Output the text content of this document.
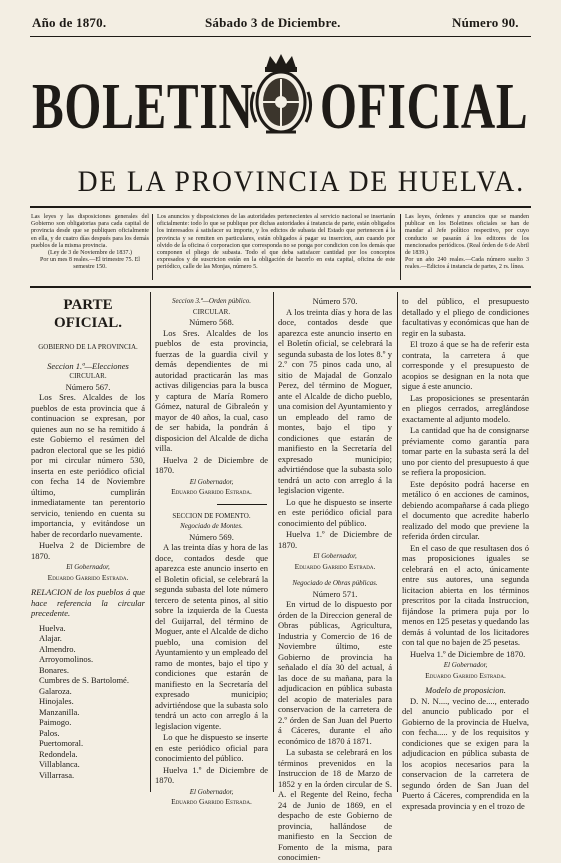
Año de 1870.	Sábado 3 de Diciembre.	Número 90.
BOLETIN OFICIAL
DE LA PROVINCIA DE HUELVA.
Las leyes y las disposiciones generales del Gobierno son obligatorias para cada capital de provincia desde que se publiquen oficialmente en ella, y de cuatro días después para los demás pueblos de la misma provincia.
(Ley de 3 de Noviembre de 1837.)
Por un mes 8 reales.—El trimestre 75. El semestre 150.
Los anuncios y disposiciones de las autoridades pertenecientes al servicio nacional se insertarán oficialmente: todo lo que se publique por dichas autoridades á instancia de parte, están obligados los interesados á satisfacer su importe, y los edictos de subasta del Estado que pertenecen á la provincia y se remiten en particulares, están obligados á pagar su insercion, aun cuando por olvido de la oficina ó corporacion que corresponda no se ponga por condicion con los demás que componen el pliego de subasta. Todo el que deba satisfacer cantidad por los conceptos expresados y de suscricion están en la obligación de hacerlo en esta capital, oficina de este periódico, calle de las Monjas, número 5.
Las leyes, órdenes y anuncios que se manden publicar en los Boletines oficiales se han de mandar al Jefe político respectivo, por cuyo conducto se pasarán á los editores de los mencionados periódicos. (Real órden de 6 de Abril de 1839.)
Por un año 240 reales.—Cada número suelto 3 reales.—Edictos á instancia de partes, 2 rs. línea.
PARTE OFICIAL.
GOBIERNO DE LA PROVINCIA.
Seccion 1.ª—Elecciones
CIRCULAR.
Número 567.

Los Sres. Alcaldes de los pueblos de esta provincia que á continuacion se expresan, por quienes aun no se ha remitido á este Gobierno el resúmen del padron electoral que se les pidió por mi circular número 530, inserta en este periódico oficial con fecha 14 de Noviembre último, cumplirán inmediatamente tan perentorio servicio, teniendo en cuenta su importancia, y evitándose un haber de recordarlo nuevamente.

Huelva 2 de Diciembre de 1870.

El Gobernador,
Eduardo Garrido Estrada.
RELACION de los pueblos á que hace referencia la circular precedente.
Huelva.
Alajar.
Almendro.
Arroyomolinos.
Bonares.
Cumbres de S. Bartolomé.
Galaroza.
Hinojales.
Manzanilla.
Paimogo.
Palos.
Puertomoral.
Redondela.
Villablanca.
Villarrasa.
Seccion 3.ª—Orden público.
CIRCULAR.
Número 568.

Los Sres. Alcaldes de los pueblos de esta provincia, fuerzas de la guardia civil y demás dependientes de mi autoridad practicarán las mas activas diligencias para la busca y captura de María Romero Gómez, natural de Gibraleón y mayor de 40 años, la cual, caso de ser habida, la pondrán á disposicion del Alcalde de dicha villa.

Huelva 2 de Diciembre de 1870.

El Gobernador,
Eduardo Garrido Estrada.
SECCION DE FOMENTO.
Negociado de Montes.
Número 569.

A las treinta días y hora de las doce, contados desde que aparezca este anuncio inserto en el Boletin oficial, se celebrará la segunda subasta del lote número tercero de setenta pinos, al sitio sobre la izquierda de la Cuesta del Guijarral, del término de Moguer, ante el Alcalde de dicho pueblo, una comision del Ayuntamiento y un empleado del ramo de montes, bajo el tipo y condiciones que estarán de manifiesto en la Secretaría del expresado municipio; advirtiéndose que la subasta solo tendrá un acto con arreglo á la legislacion vigente.

Lo que he dispuesto se inserte en este periódico oficial para conocimiento del público.

Huelva 1.º de Diciembre de 1870.

El Gobernador,
Eduardo Garrido Estrada.
Número 570.

A los treinta días y hora de las doce, contados desde que aparezca este anuncio inserto en el Boletín oficial, se celebrará la segunda subasta de los lotes 8.º y 2.º con 75 pinos cada uno, al sitio de Majadal de Gonzalo Perez, del término de Moguer, ante el Alcalde de dicho pueblo, una comision del Ayuntamiento y un empleado del ramo de montes, bajo el tipo y condiciones que estarán de manifiesto en la Secretaría del expresado municipio; advirtiéndose que la subasta solo tendrá un acto con arreglo á la legislacion vigente.

Lo que he dispuesto se inserte en este periódico oficial para conocimiento del público.

Huelva 1.º de Diciembre de 1870.

El Gobernador,
Eduardo Garrido Estrada.
Negociado de Obras públicas.
Número 571.

En virtud de lo dispuesto por órden de la Direccion general de Obras públicas, Agricultura, Industria y Comercio de 16 de Noviembre último, este Gobierno de provincia ha señalado el día 30 del actual, á las doce de su mañana, para la adjudicacion en pública subasta del acopio de materiales para conservacion de la carretera de 2.º órden de San Juan del Puerto á Cáceres, durante el año económico de 1870 á 1871.

La subasta se celebrará en los términos prevenidos en la Instruccion de 18 de Marzo de 1852 y en la órden circular de S. A. el Regente del Reino, fecha 24 de Junio de 1869, en el despacho de este Gobierno de provincia, hallándose de manifiesto en la Seccion de Fomento de la misma, para conocimien-

to del público, el presupuesto detallado y el pliego de condiciones facultativas y económicas que han de regir en la subasta.

El trozo á que se ha de referir esta contrata, la carretera á que corresponde y el presupuesto de acopios se designan en la nota que sigue á este anuncio.

Las proposiciones se presentarán en pliegos cerrados, arreglándose exactamente al adjunto modelo.

La cantidad que ha de consignarse préviamente como garantía para tomar parte en la subasta será la del uno por ciento del presupuesto á que se refiera la proposicion.

Este depósito podrá hacerse en metálico ó en acciones de caminos, debiendo acompañarse á cada pliego el documento que acredite haberlo realizado del modo que previene la referida órden circular.

En el caso de que resultasen dos ó mas proposiciones iguales se celebrará en el acto, únicamente entre sus autores, una segunda licitacion abierta en los términos prescritos por la citada Instruccion, fijándose la primera puja por lo menos en 125 pesetas y quedando las demás á voluntad de los licitadores con tal que no bajen de 25 pesetas.

Huelva 1.º de Diciembre de 1870.

El Gobernador,
Eduardo Garrido Estrada.
Modelo de proposicion.

D. N. N...., vecino de...., enterado del anuncio publicado por el Gobierno de la provincia de Huelva, con fecha..... y de los requisitos y condiciones que se exigen para la adjudicacion en pública subasta de los acopios necesarios para la conservacion de la carretera de segundo órden de San Juan del Puerto á Cáceres, comprendida en la expresada provincia y en el trozo de
